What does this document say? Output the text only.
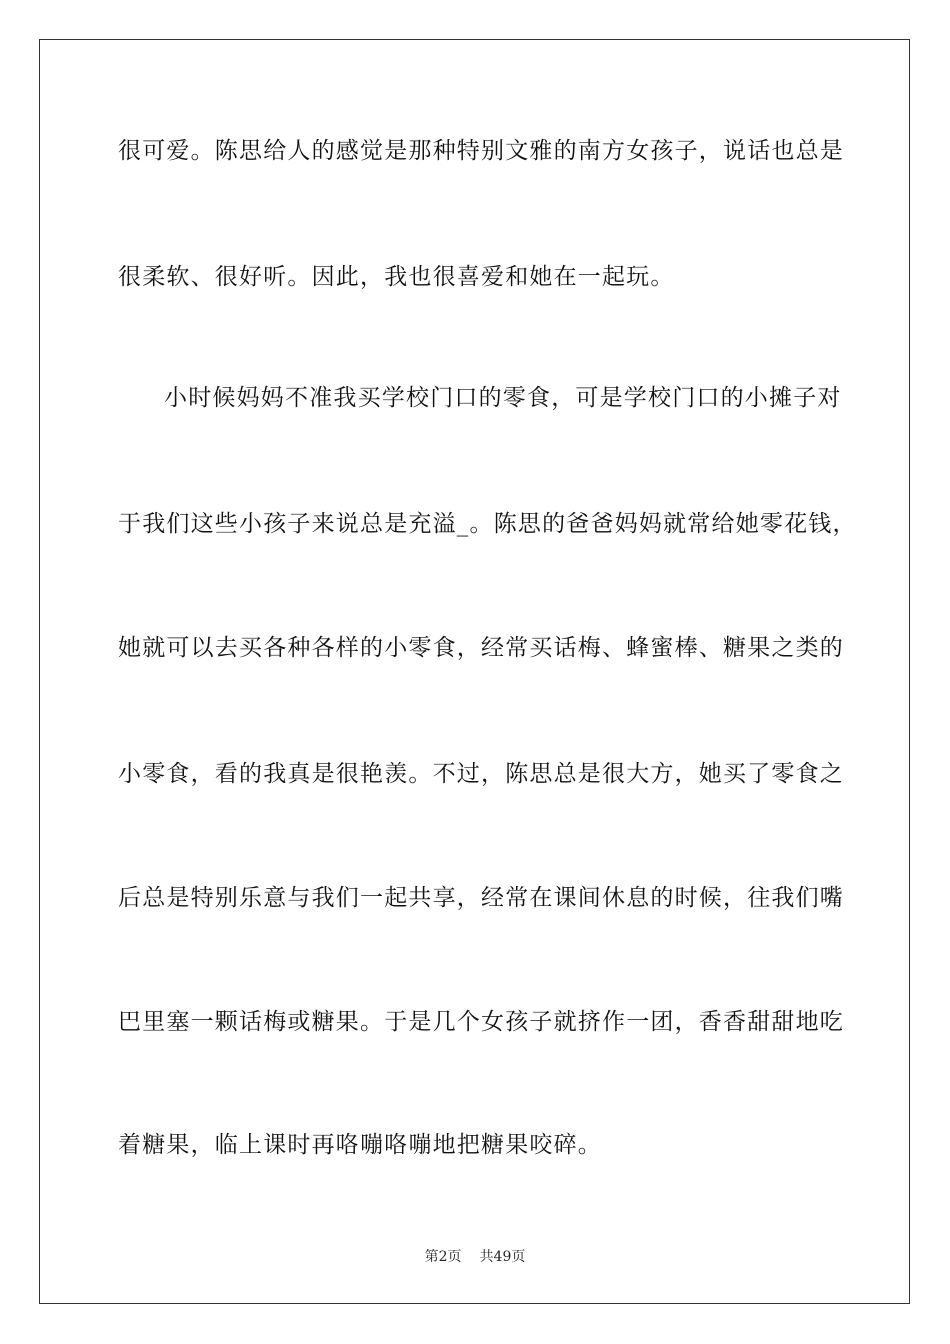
很可爱。陈思给人的感觉是那种特别文雅的南方女孩子，说话也总是
很柔软、很好听。因此，我也很喜爱和她在一起玩。
小时候妈妈不准我买学校门口的零食，可是学校门口的小摊子对
于我们这些小孩子来说总是充溢_。陈思的爸爸妈妈就常给她零花钱，
她就可以去买各种各样的小零食，经常买话梅、蜂蜜棒、糖果之类的
小零食，看的我真是很艳羡。不过，陈思总是很大方，她买了零食之
后总是特别乐意与我们一起共享，经常在课间休息的时候，往我们嘴
巴里塞一颗话梅或糖果。于是几个女孩子就挤作一团，香香甜甜地吃
着糖果，临上课时再咯嘣咯嘣地把糖果咬碎。
第2页 共49页
